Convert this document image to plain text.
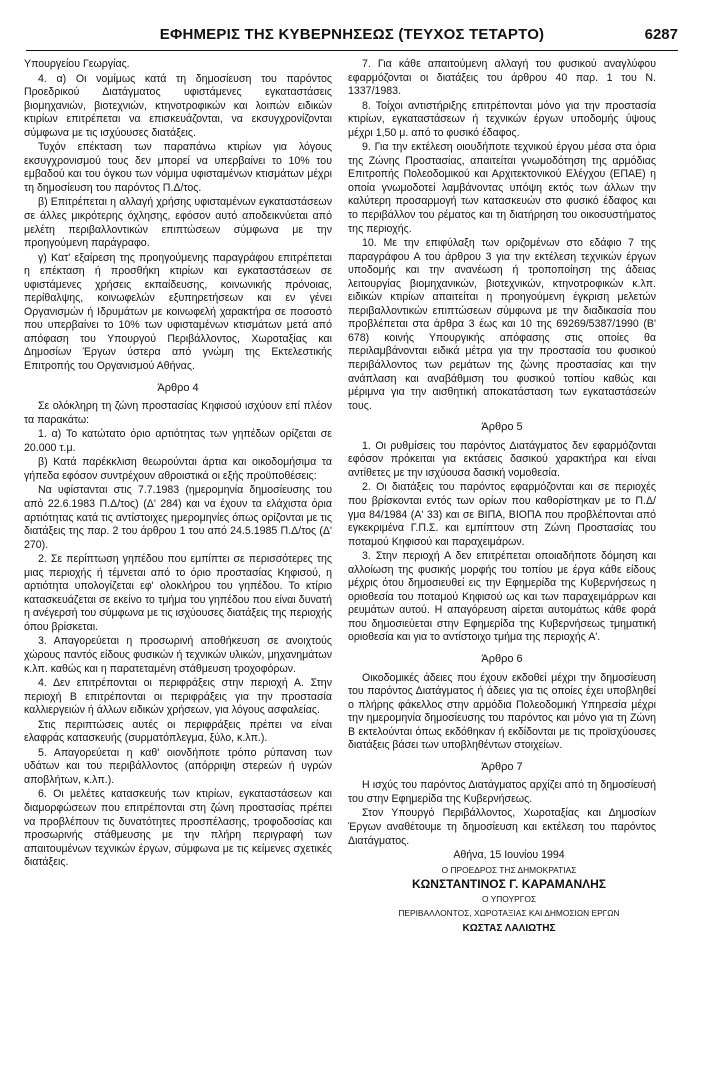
ΕΦΗΜΕΡΙΣ ΤΗΣ ΚΥΒΕΡΝΗΣΕΩΣ (ΤΕΥΧΟΣ ΤΕΤΑΡΤΟ)	6287

Υπουργείου Γεωργίας.

4. α) Οι νομίμως κατά τη δημοσίευση του παρόντος Προεδρικού Διατάγματος υφιστάμενες εγκαταστάσεις βιομηχανιών, βιοτεχνιών, κτηνοτροφικών και λοιπών ειδικών κτιρίων επιτρέπεται να επισκευάζονται, να εκσυγχρονίζονται σύμφωνα με τις ισχύουσες διατάξεις.

Τυχόν επέκταση των παραπάνω κτιρίων για λόγους εκσυγχρονισμού τους δεν μπορεί να υπερβαίνει το 10% του εμβαδού και του όγκου των νόμιμα υφισταμένων κτισμάτων μέχρι τη δημοσίευση του παρόντος Π.Δ/τος.

β) Επιτρέπεται η αλλαγή χρήσης υφισταμένων εγκαταστάσεων σε άλλες μικρότερης όχλησης, εφόσον αυτό αποδεικνύεται από μελέτη περιβαλλοντικών επιπτώσεων σύμφωνα με την προηγούμενη παράγραφο.

γ) Κατ' εξαίρεση της προηγούμενης παραγράφου επιτρέπεται η επέκταση ή προσθήκη κτιρίων και εγκαταστάσεων σε υφιστάμενες χρήσεις εκπαίδευσης, κοινωνικής πρόνοιας, περίθαλψης, κοινωφελών εξυπηρετήσεων και εν γένει Οργανισμών ή Ιδρυμάτων με κοινωφελή χαρακτήρα σε ποσοστό που υπερβαίνει το 10% των υφισταμένων κτισμάτων μετά από απόφαση του Υπουργού Περιβάλλοντος, Χωροταξίας και Δημοσίων Έργων ύστερα από γνώμη της Εκτελεστικής Επιτροπής του Οργανισμού Αθήνας.

Άρθρο 4

Σε ολόκληρη τη ζώνη προστασίας Κηφισού ισχύουν επί πλέον τα παρακάτω:

1. α) Το κατώτατο όριο αρτιότητας των γηπέδων ορίζεται σε 20.000 τ.μ.

β) Κατά παρέκκλιση θεωρούνται άρτια και οικοδομήσιμα τα γήπεδα εφόσον συντρέχουν αθροιστικά οι εξής προϋποθέσεις:

Να υφίστανται στις 7.7.1983 (ημερομηνία δημοσίευσης του από 22.6.1983 Π.Δ/τος) (Δ' 284) και να έχουν τα ελάχιστα όρια αρτιότητας κατά τις αντίστοιχες ημερομηνίες όπως ορίζονται με τις διατάξεις της παρ. 2 του άρθρου 1 του από 24.5.1985 Π.Δ/τος (Δ' 270).

2. Σε περίπτωση γηπέδου που εμπίπτει σε περισσότερες της μιας περιοχής ή τέμνεται από το όριο προστασίας Κηφισού, η αρτιότητα υπολογίζεται εφ' ολοκλήρου του γηπέδου. Το κτίριο κατασκευάζεται σε εκείνο το τμήμα του γηπέδου που είναι δυνατή η ανέγερσή του σύμφωνα με τις ισχύουσες διατάξεις της περιοχής όπου βρίσκεται.

3. Απαγορεύεται η προσωρινή αποθήκευση σε ανοιχτούς χώρους παντός είδους φυσικών ή τεχνικών υλικών, μηχανημάτων κ.λπ. καθώς και η παρατεταμένη στάθμευση τροχοφόρων.

4. Δεν επιτρέπονται οι περιφράξεις στην περιοχή Α. Στην περιοχή Β επιτρέπονται οι περιφράξεις για την προστασία καλλιεργειών ή άλλων ειδικών χρήσεων, για λόγους ασφαλείας.

Στις περιπτώσεις αυτές οι περιφράξεις πρέπει να είναι ελαφράς κατασκευής (συρματόπλεγμα, ξύλο, κ.λπ.).

5. Απαγορεύεται η καθ' οιονδήποτε τρόπο ρύπανση των υδάτων και του περιβάλλοντος (απόρριψη στερεών ή υγρών αποβλήτων, κ.λπ.).

6. Οι μελέτες κατασκευής των κτιρίων, εγκαταστάσεων και διαμορφώσεων που επιτρέπονται στη ζώνη προστασίας πρέπει να προβλέπουν τις δυνατότητες προσπέλασης, τροφοδοσίας και προσωρινής στάθμευσης με την πλήρη περιγραφή των απαιτουμένων τεχνικών έργων, σύμφωνα με τις κείμενες σχετικές διατάξεις.

7. Για κάθε απαιτούμενη αλλαγή του φυσικού αναγλύφου εφαρμόζονται οι διατάξεις του άρθρου 40 παρ. 1 του Ν. 1337/1983.

8. Τοίχοι αντιστήριξης επιτρέπονται μόνο για την προστασία κτιρίων, εγκαταστάσεων ή τεχνικών έργων υποδομής ύψους μέχρι 1,50 μ. από το φυσικό έδαφος.

9. Για την εκτέλεση οιουδήποτε τεχνικού έργου μέσα στα όρια της Ζώνης Προστασίας, απαιτείται γνωμοδότηση της αρμόδιας Επιτροπής Πολεοδομικού και Αρχιτεκτονικού Ελέγχου (ΕΠΑΕ) η οποία γνωμοδοτεί λαμβάνοντας υπόψη εκτός των άλλων την καλύτερη προσαρμογή των κατασκευών στο φυσικό έδαφος και το περιβάλλον του ρέματος και τη διατήρηση του οικοσυστήματος της περιοχής.

10. Με την επιφύλαξη των οριζομένων στο εδάφιο 7 της παραγράφου Α του άρθρου 3 για την εκτέλεση τεχνικών έργων υποδομής και την ανανέωση ή τροποποίηση της άδειας λειτουργίας βιομηχανικών, βιοτεχνικών, κτηνοτροφικών κ.λπ. ειδικών κτιρίων απαιτείται η προηγούμενη έγκριση μελετών περιβαλλοντικών επιπτώσεων σύμφωνα με την διαδικασία που προβλέπεται στα άρθρα 3 έως και 10 της 69269/5387/1990 (Β' 678) κοινής Υπουργικής απόφασης στις οποίες θα περιλαμβάνονται ειδικά μέτρα για την προστασία του φυσικού περιβάλλοντος των ρεμάτων της ζώνης προστασίας και την ανάπλαση και αναβάθμιση του φυσικού τοπίου καθώς και μέριμνα για την αισθητική αποκατάσταση των εγκαταστάσεών τους.

Άρθρο 5

1. Οι ρυθμίσεις του παρόντος Διατάγματος δεν εφαρμόζονται εφόσον πρόκειται για εκτάσεις δασικού χαρακτήρα και είναι αντίθετες με την ισχύουσα δασική νομοθεσία.

2. Οι διατάξεις του παρόντος εφαρμόζονται και σε περιοχές που βρίσκονται εντός των ορίων που καθορίστηκαν με το Π.Δ/γμα 84/1984 (Α' 33) και σε ΒΙΠΑ, ΒΙΟΠΑ που προβλέπονται από εγκεκριμένα Γ.Π.Σ. και εμπίπτουν στη Ζώνη Προστασίας του ποταμού Κηφισού και παραχειμάρων.

3. Στην περιοχή Α δεν επιτρέπεται οποιαδήποτε δόμηση και αλλοίωση της φυσικής μορφής του τοπίου με έργα κάθε είδους μέχρις ότου δημοσιευθεί εις την Εφημερίδα της Κυβερνήσεως η οριοθεσία του ποταμού Κηφισού ως και των παραχειμάρρων και ρευμάτων αυτού. Η απαγόρευση αίρεται αυτομάτως κάθε φορά που δημοσιεύεται στην Εφημερίδα της Κυβερνήσεως τμηματική οριοθεσία και για το αντίστοιχο τμήμα της περιοχής Α'.

Άρθρο 6

Οικοδομικές άδειες που έχουν εκδοθεί μέχρι την δημοσίευση του παρόντος Διατάγματος ή άδειες για τις οποίες έχει υποβληθεί ο πλήρης φάκελλος στην αρμόδια Πολεοδομική Υπηρεσία μέχρι την ημερομηνία δημοσίευσης του παρόντος και μόνο για τη Ζώνη Β εκτελούνται όπως εκδόθηκαν ή εκδίδονται με τις προϊσχύουσες διατάξεις βάσει των υποβληθέντων στοιχείων.

Άρθρο 7

Η ισχύς του παρόντος Διατάγματος αρχίζει από τη δημοσίευσή του στην Εφημερίδα της Κυβερνήσεως.

Στον Υπουργό Περιβάλλοντος, Χωροταξίας και Δημοσίων Έργων αναθέτουμε τη δημοσίευση και εκτέλεση του παρόντος Διατάγματος.

Αθήνα, 15 Ιουνίου 1994

Ο ΠΡΟΕΔΡΟΣ ΤΗΣ ΔΗΜΟΚΡΑΤΙΑΣ

ΚΩΝΣΤΑΝΤΙΝΟΣ Γ. ΚΑΡΑΜΑΝΛΗΣ

Ο ΥΠΟΥΡΓΟΣ

ΠΕΡΙΒΑΛΛΟΝΤΟΣ, ΧΩΡΟΤΑΞΙΑΣ ΚΑΙ ΔΗΜΟΣΙΩΝ ΕΡΓΩΝ

ΚΩΣΤΑΣ ΛΑΛΙΩΤΗΣ
